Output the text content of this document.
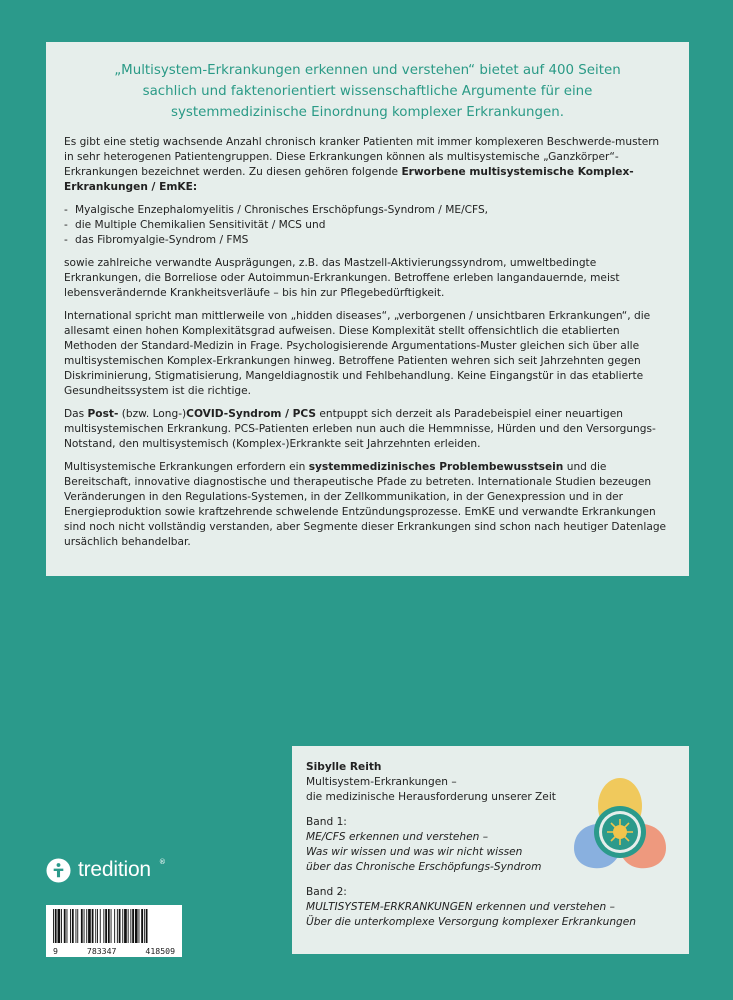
„Multisystem-Erkrankungen erkennen und verstehen“ bietet auf 400 Seiten sachlich und faktenorientiert wissenschaftliche Argumente für eine systemmedizinische Einordnung komplexer Erkrankungen.

Es gibt eine stetig wachsende Anzahl chronisch kranker Patienten mit immer komplexeren Beschwerde-mustern in sehr heterogenen Patientengruppen. Diese Erkrankungen können als multisystemische „Ganzkörper“-Erkrankungen bezeichnet werden. Zu diesen gehören folgende Erworbene multisystemische Komplex-Erkrankungen / EmKE:

- Myalgische Enzephalomyelitis / Chronisches Erschöpfungs-Syndrom / ME/CFS,
- die Multiple Chemikalien Sensitivität / MCS und
- das Fibromyalgie-Syndrom / FMS

sowie zahlreiche verwandte Ausprägungen, z.B. das Mastzell-Aktivierungssyndrom, umweltbedingte Erkrankungen, die Borreliose oder Autoimmun-Erkrankungen. Betroffene erleben langandauernde, meist lebensverändernde Krankheitsverläufe – bis hin zur Pflegebedürftigkeit.

International spricht man mittlerweile von „hidden diseases“, „verborgenen / unsichtbaren Erkrankungen“, die allesamt einen hohen Komplexitätsgrad aufweisen. Diese Komplexität stellt offensichtlich die etablierten Methoden der Standard-Medizin in Frage. Psychologisierende Argumentations-Muster gleichen sich über alle multisystemischen Komplex-Erkrankungen hinweg. Betroffene Patienten wehren sich seit Jahrzehnten gegen Diskriminierung, Stigmatisierung, Mangeldiagnostik und Fehlbehandlung. Keine Eingangstür in das etablierte Gesundheitssystem ist die richtige.

Das Post- (bzw. Long-)COVID-Syndrom / PCS entpuppt sich derzeit als Paradebeispiel einer neuartigen multisystemischen Erkrankung. PCS-Patienten erleben nun auch die Hemmnisse, Hürden und den Versorgungs-Notstand, den multisystemisch (Komplex-)Erkrankte seit Jahrzehnten erleiden.

Multisystemische Erkrankungen erfordern ein systemmedizinisches Problembewusstsein und die Bereitschaft, innovative diagnostische und therapeutische Pfade zu betreten. Internationale Studien bezeugen Veränderungen in den Regulations-Systemen, in der Zellkommunikation, in der Genexpression und in der Energieproduktion sowie kraftzehrende schwelende Entzündungsprozesse. EmKE und verwandte Erkrankungen sind noch nicht vollständig verstanden, aber Segmente dieser Erkrankungen sind schon nach heutiger Datenlage ursächlich behandelbar.

Sibylle Reith
Multisystem-Erkrankungen –
die medizinische Herausforderung unserer Zeit
Band 1:
ME/CFS erkennen und verstehen –
Was wir wissen und was wir nicht wissen
über das Chronische Erschöpfungs-Syndrom
Band 2:
MULTISYSTEM-ERKRANKUNGEN erkennen und verstehen –
Über die unterkomplexe Versorgung komplexer Erkrankungen
tredition ®
9	783347	418509
